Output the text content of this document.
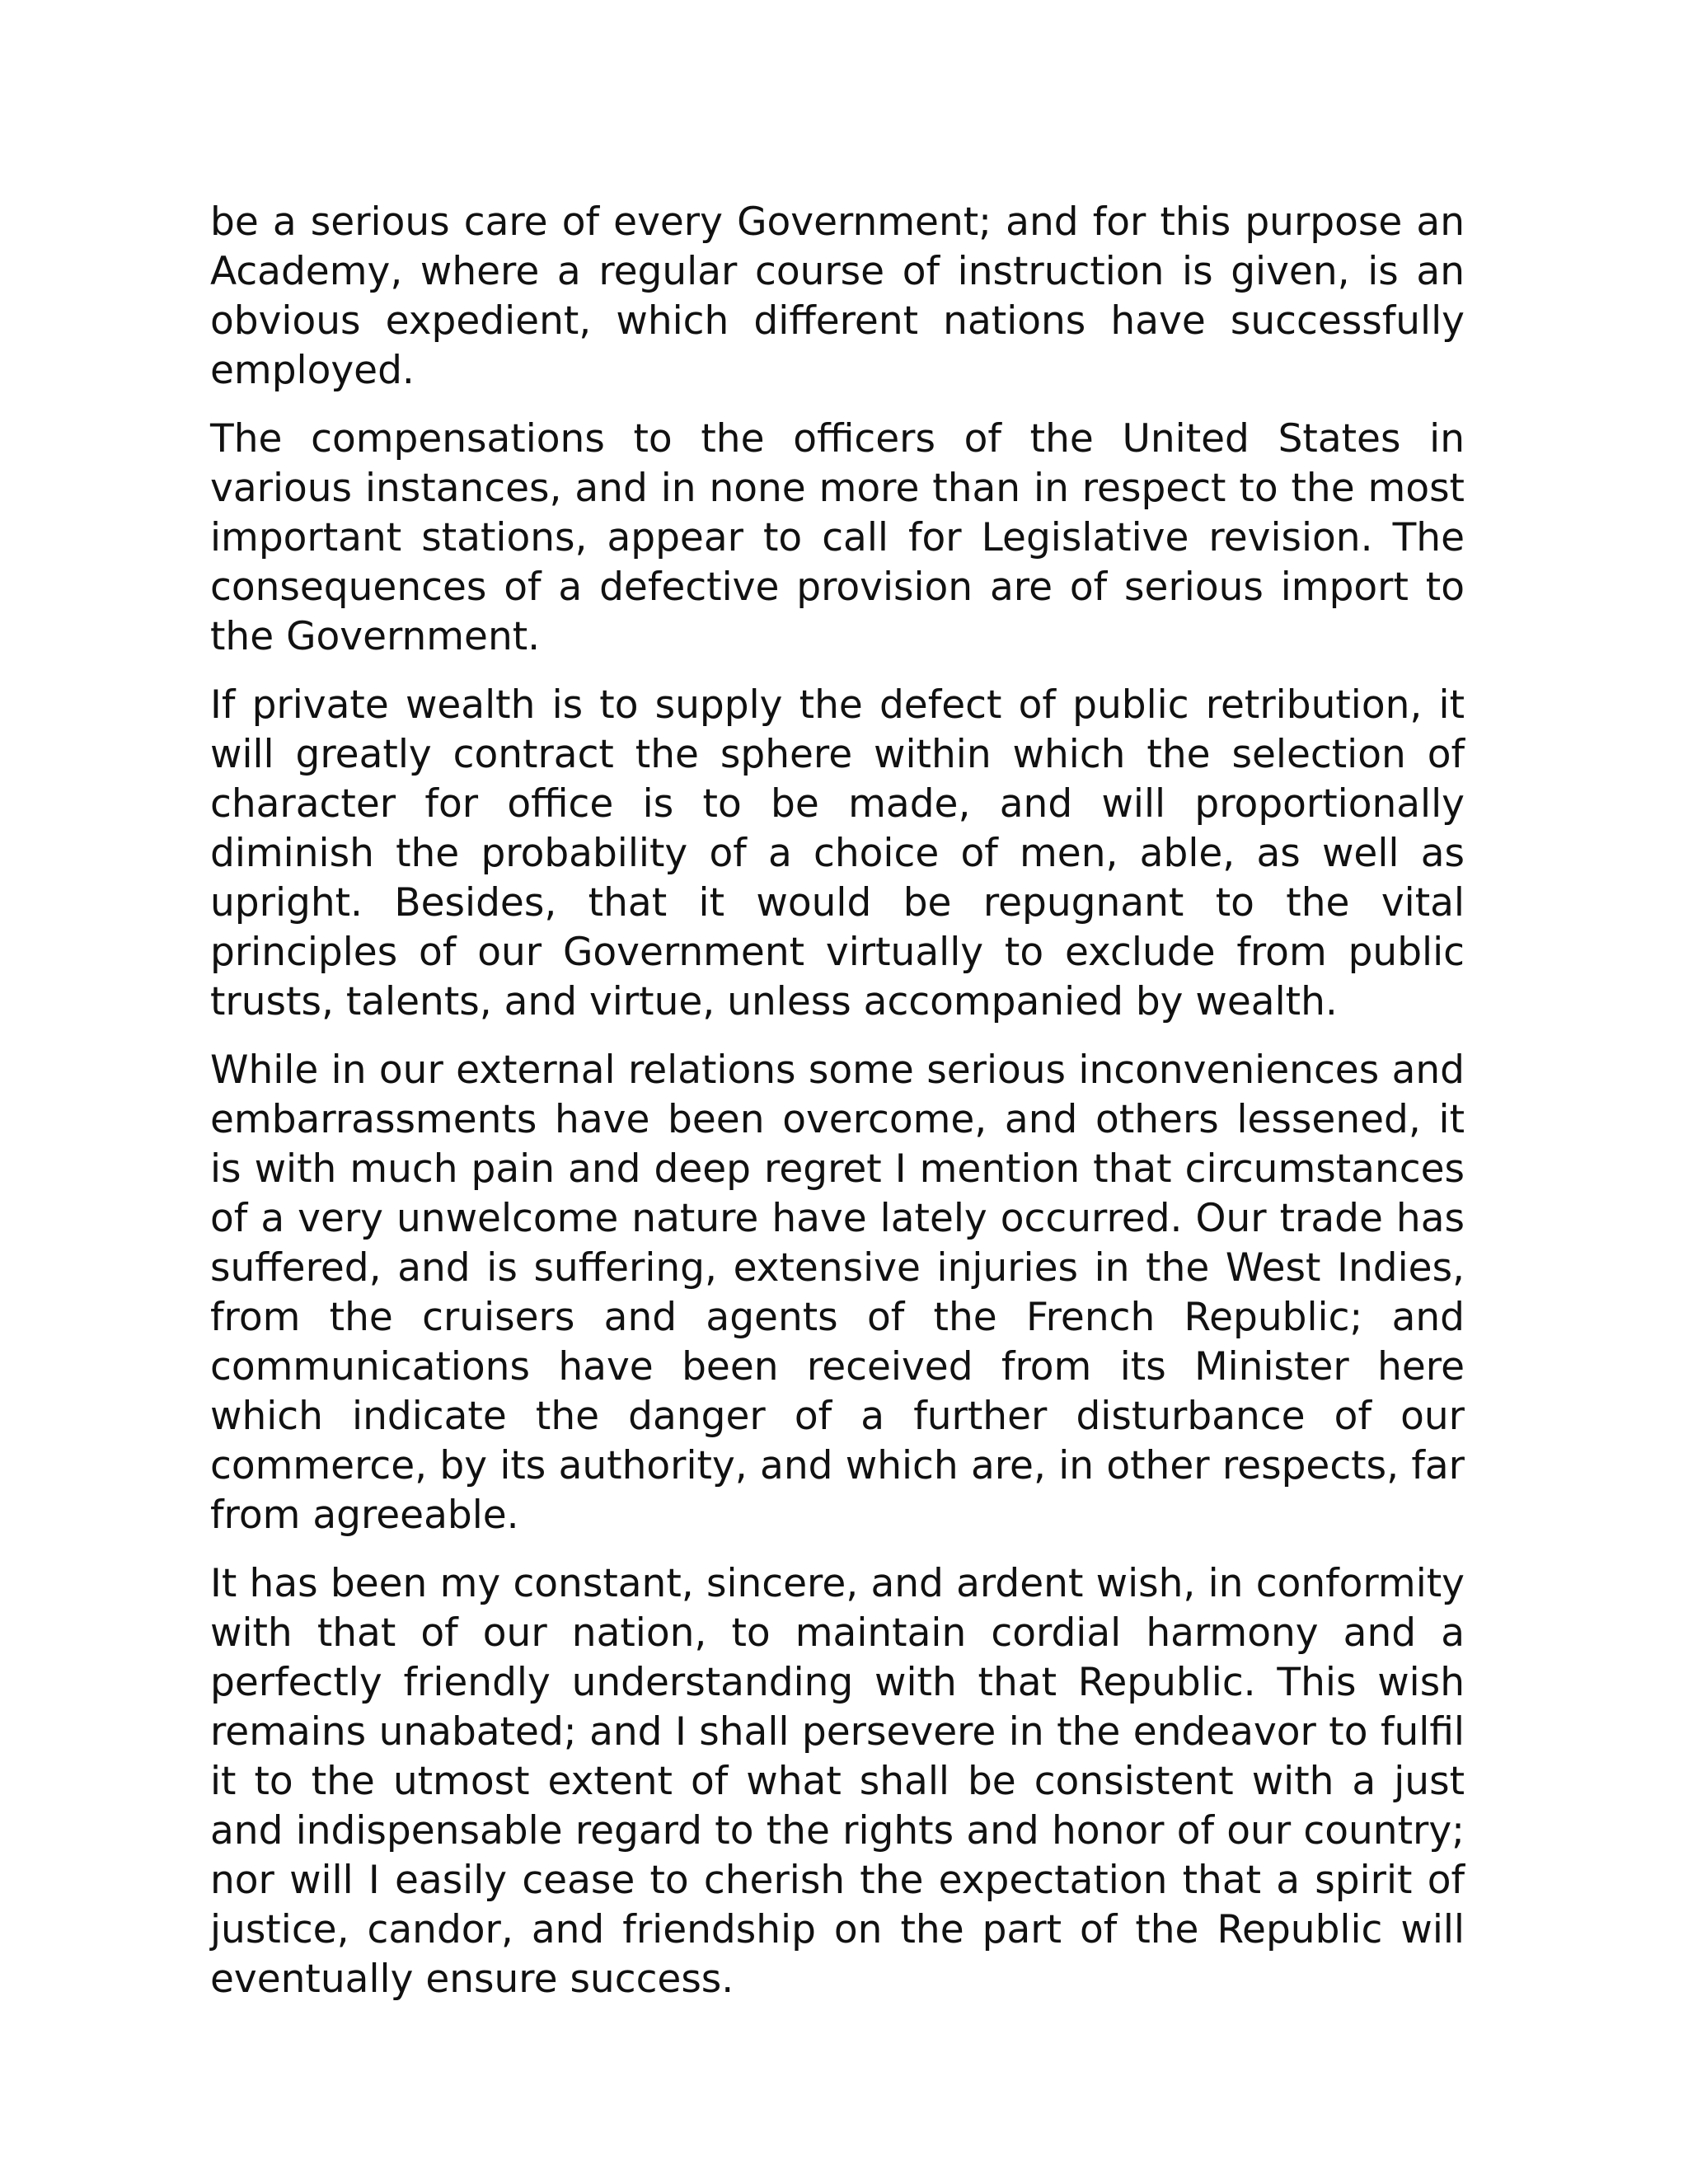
be a serious care of every Government; and for this purpose an Academy, where a regular course of instruction is given, is an obvious expedient, which different nations have successfully employed.

The compensations to the officers of the United States in various instances, and in none more than in respect to the most important stations, appear to call for Legislative revision. The consequences of a defective provision are of serious import to the Government.

If private wealth is to supply the defect of public retribution, it will greatly contract the sphere within which the selection of character for office is to be made, and will proportionally diminish the probability of a choice of men, able, as well as upright. Besides, that it would be repugnant to the vital principles of our Government virtually to exclude from public trusts, talents, and virtue, unless accompanied by wealth.

While in our external relations some serious inconveniences and embarrassments have been overcome, and others lessened, it is with much pain and deep regret I mention that circumstances of a very unwelcome nature have lately occurred. Our trade has suffered, and is suffering, extensive injuries in the West Indies, from the cruisers and agents of the French Republic; and communications have been received from its Minister here which indicate the danger of a further disturbance of our commerce, by its authority, and which are, in other respects, far from agreeable.

It has been my constant, sincere, and ardent wish, in conformity with that of our nation, to maintain cordial harmony and a perfectly friendly understanding with that Republic. This wish remains unabated; and I shall persevere in the endeavor to fulfil it to the utmost extent of what shall be consistent with a just and indispensable regard to the rights and honor of our country; nor will I easily cease to cherish the expectation that a spirit of justice, candor, and friendship on the part of the Republic will eventually ensure success.
